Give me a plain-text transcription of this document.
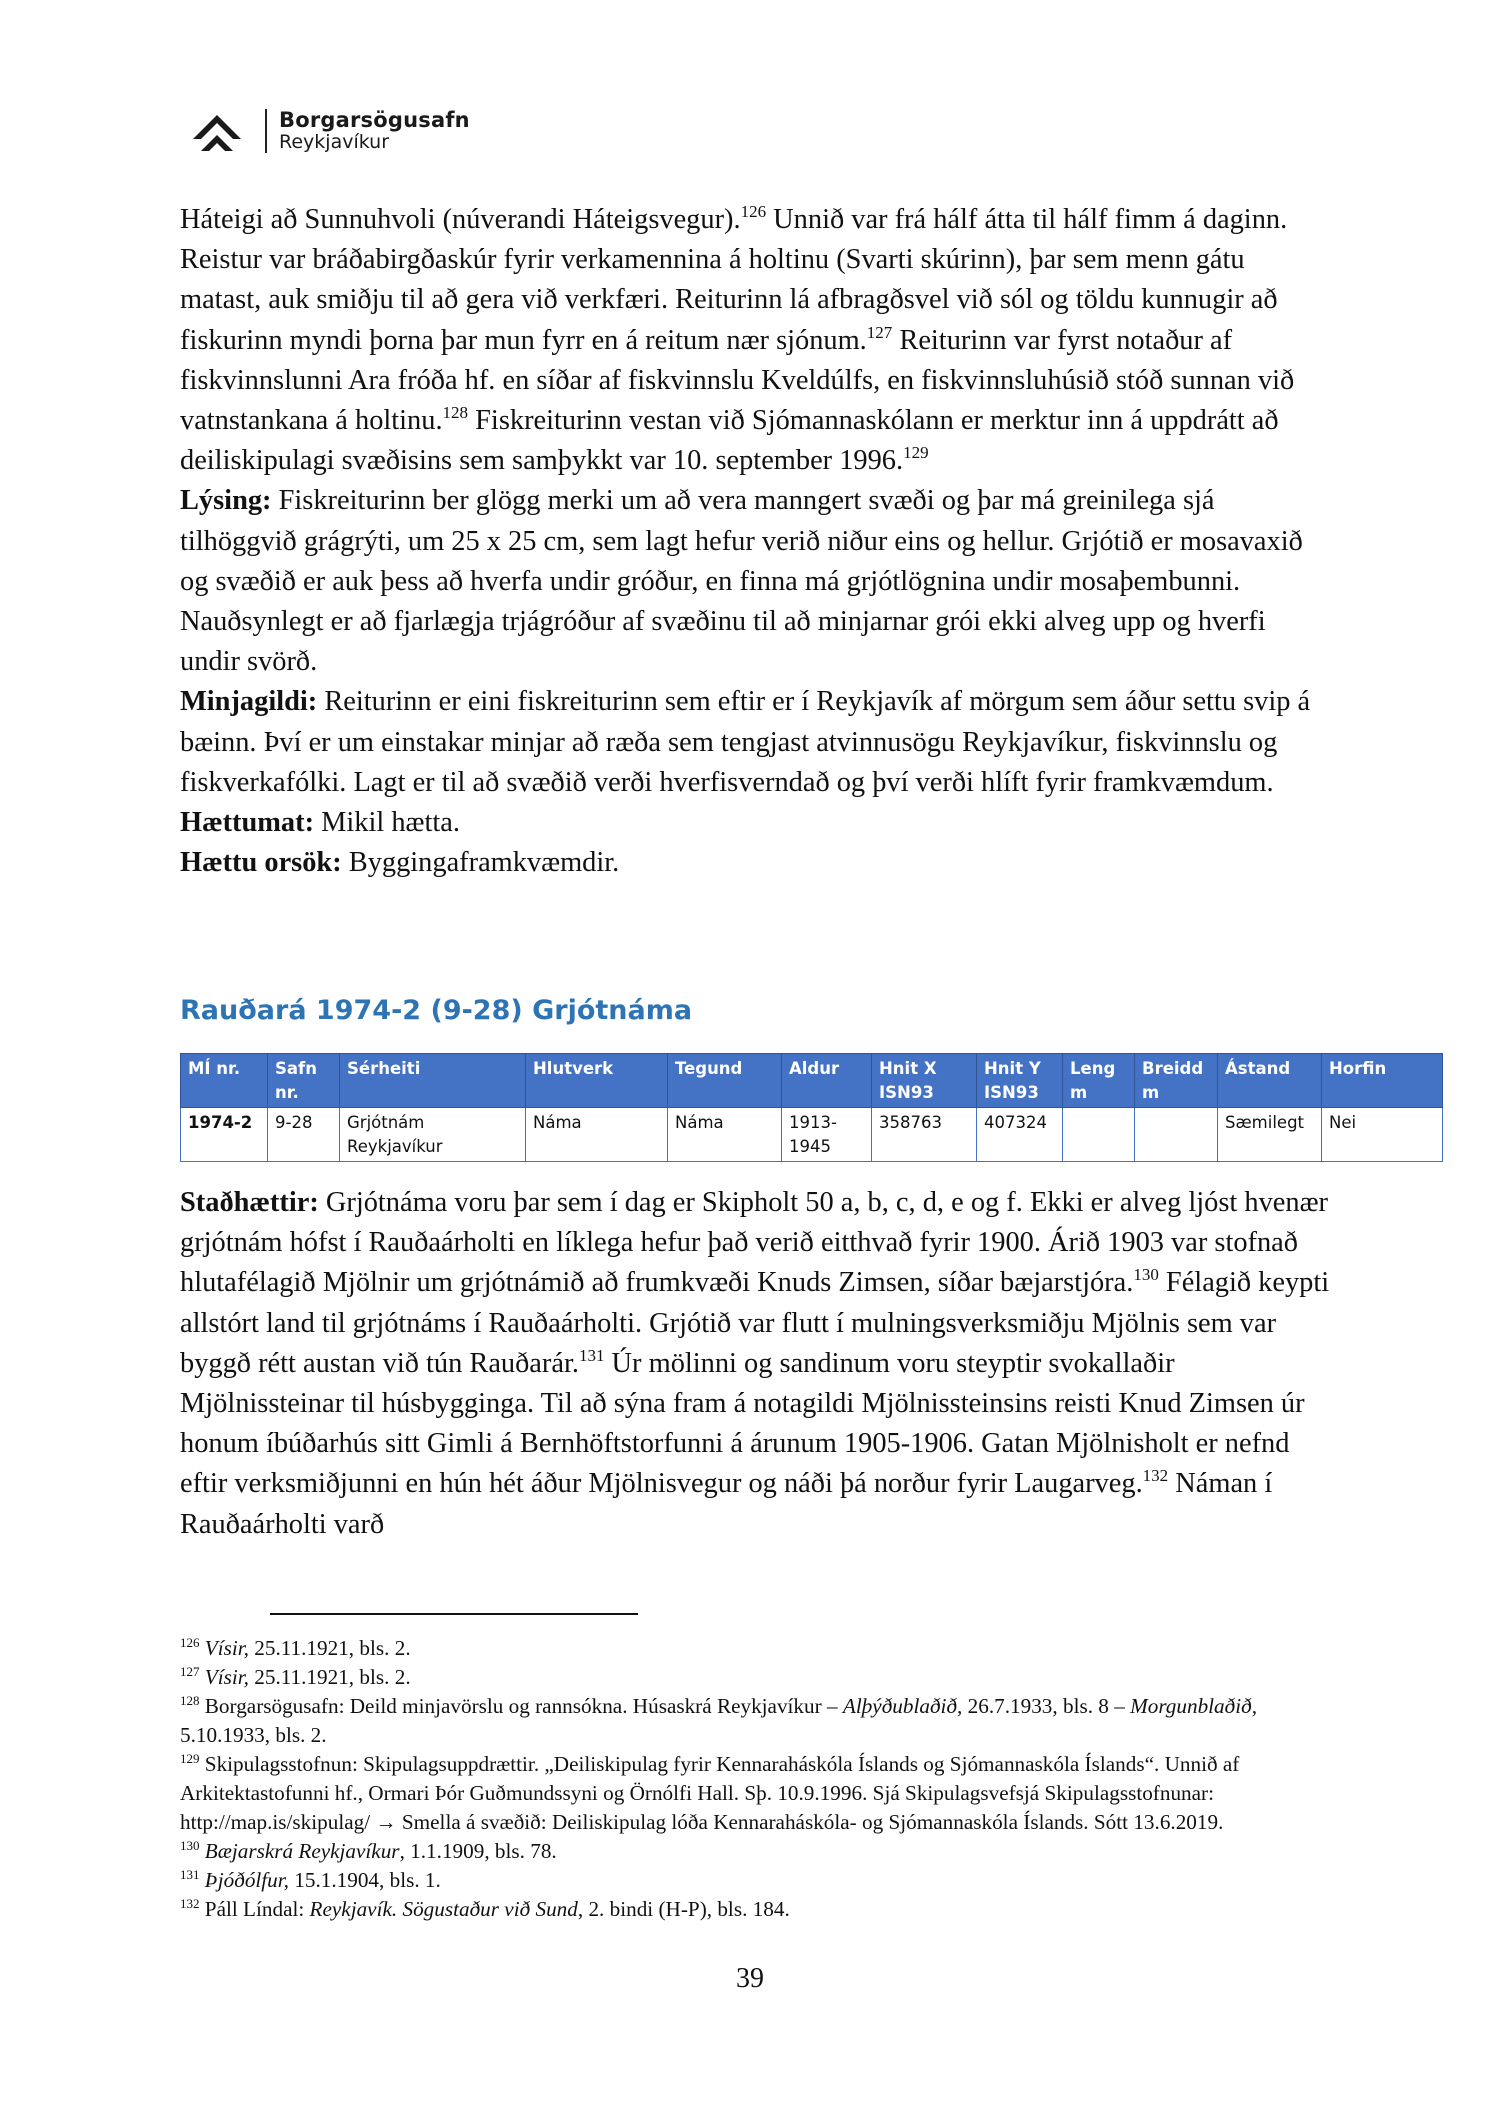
Borgarsögusafn
Reykjavíkur

Háteigi að Sunnuhvoli (núverandi Háteigsvegur).$^{126}$ Unnið var frá hálf átta til hálf fimm á daginn. Reistur var bráðabirgðaskúr fyrir verkamennina á holtinu (Svarti skúrinn), þar sem menn gátu matast, auk smiðju til að gera við verkfæri. Reiturinn lá afbragðsvel við sól og töldu kunnugir að fiskurinn myndi þorna þar mun fyrr en á reitum nær sjónum.$^{127}$ Reiturinn var fyrst notaður af fiskvinnslunni Ara fróða hf. en síðar af fiskvinnslu Kveldúlfs, en fiskvinnsluhúsið stóð sunnan við vatnstankana á holtinu.$^{128}$ Fiskreiturinn vestan við Sjómannaskólann er merktur inn á uppdrátt að deiliskipulagi svæðisins sem samþykkt var 10. september 1996.$^{129}$

Lýsing: Fiskreiturinn ber glögg merki um að vera manngert svæði og þar má greinilega sjá tilhöggvið grágrýti, um 25 x 25 cm, sem lagt hefur verið niður eins og hellur. Grjótið er mosavaxið og svæðið er auk þess að hverfa undir gróður, en finna má grjótlögnina undir mosaþembunni. Nauðsynlegt er að fjarlægja trjágróður af svæðinu til að minjarnar grói ekki alveg upp og hverfi undir svörð.

Minjagildi: Reiturinn er eini fiskreiturinn sem eftir er í Reykjavík af mörgum sem áður settu svip á bæinn. Því er um einstakar minjar að ræða sem tengjast atvinnusögu Reykjavíkur, fiskvinnslu og fiskverkafólki. Lagt er til að svæðið verði hverfisverndað og því verði hlíft fyrir framkvæmdum.

Hættumat: Mikil hætta.

Hættu orsök: Byggingaframkvæmdir.

Rauðará 1974-2 (9-28) Grjótnáma
MÍ nr.	Safn nr.	Sérheiti	Hlutverk	Tegund	Aldur	Hnit X ISN93	Hnit Y ISN93	Leng m	Breidd m	Ástand	Horfin
1974-2	9-28	Grjótnám Reykjavíkur	Náma	Náma	1913-1945	358763	407324			Sæmilegt	Nei

Staðhættir: Grjótnáma voru þar sem í dag er Skipholt 50 a, b, c, d, e og f. Ekki er alveg ljóst hvenær grjótnám hófst í Rauðaárholti en líklega hefur það verið eitthvað fyrir 1900. Árið 1903 var stofnað hlutafélagið Mjölnir um grjótnámið að frumkvæði Knuds Zimsen, síðar bæjarstjóra.$^{130}$ Félagið keypti allstórt land til grjótnáms í Rauðaárholti. Grjótið var flutt í mulningsverksmiðju Mjölnis sem var byggð rétt austan við tún Rauðarár.$^{131}$ Úr mölinni og sandinum voru steyptir svokallaðir Mjölnissteinar til húsbygginga. Til að sýna fram á notagildi Mjölnissteinsins reisti Knud Zimsen úr honum íbúðarhús sitt Gimli á Bernhöftstorfunni á árunum 1905-1906. Gatan Mjölnisholt er nefnd eftir verksmiðjunni en hún hét áður Mjölnisvegur og náði þá norður fyrir Laugarveg.$^{132}$ Náman í Rauðaárholti varð

$^{126}$ Vísir, 25.11.1921, bls. 2.

$^{127}$ Vísir, 25.11.1921, bls. 2.

$^{128}$ Borgarsögusafn: Deild minjavörslu og rannsókna. Húsaskrá Reykjavíkur – Alþýðublaðið, 26.7.1933, bls. 8 – Morgunblaðið, 5.10.1933, bls. 2.

$^{129}$ Skipulagsstofnun: Skipulagsuppdrættir. „Deiliskipulag fyrir Kennaraháskóla Íslands og Sjómannaskóla Íslands“. Unnið af Arkitektastofunni hf., Ormari Þór Guðmundssyni og Örnólfi Hall. Sþ. 10.9.1996. Sjá Skipulagsvefsjá Skipulagsstofnunar: http://map.is/skipulag/ → Smella á svæðið: Deiliskipulag lóða Kennaraháskóla- og Sjómannaskóla Íslands. Sótt 13.6.2019.

$^{130}$ Bæjarskrá Reykjavíkur, 1.1.1909, bls. 78.

$^{131}$ Þjóðólfur, 15.1.1904, bls. 1.

$^{132}$ Páll Líndal: Reykjavík. Sögustaður við Sund, 2. bindi (H-P), bls. 184.

39
